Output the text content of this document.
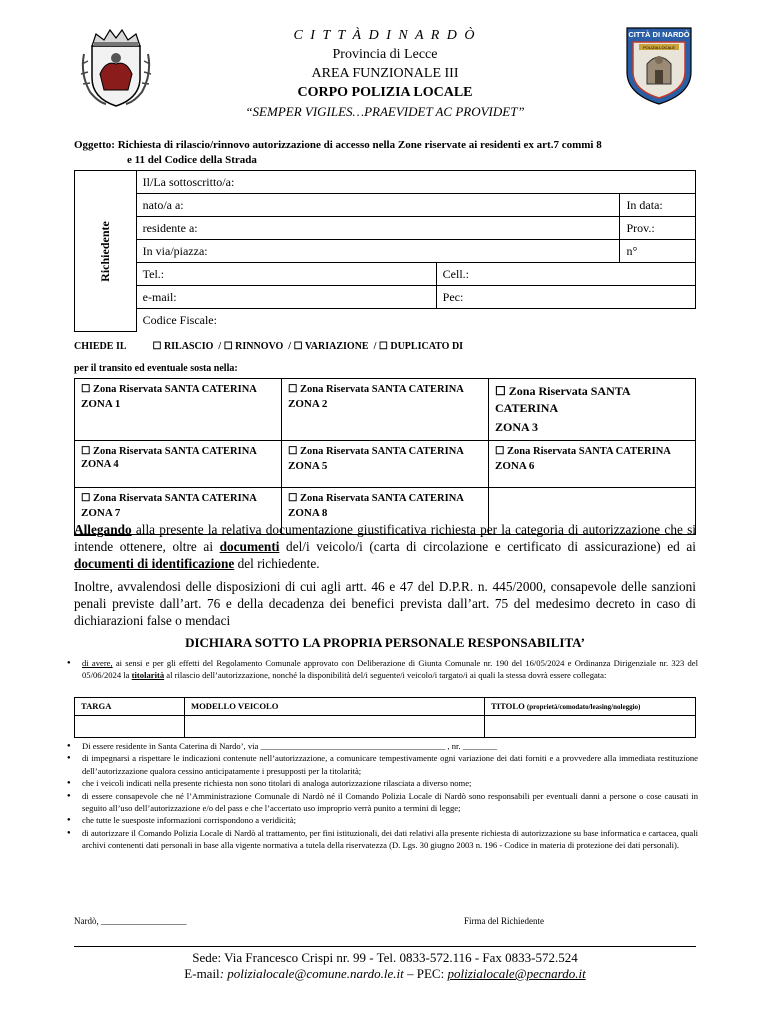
CITTÀ DI NARDÒ
POLIZIA LOCALE
C I T T À D I N A R D Ò
Provincia di Lecce
AREA FUNZIONALE III
CORPO POLIZIA LOCALE
“SEMPER VIGILES…PRAEVIDET AC PROVIDET”
Oggetto: Richiesta di rilascio/rinnovo autorizzazione di accesso nella Zone riservate ai residenti ex art.7 commi 8
e 11 del Codice della Strada
Richiedente	Il/La sottoscritto/a:		
	nato/a a:		In data:
	residente a:		Prov.:
	In via/piazza:		n°
	Tel.:	Cell.:	
	e-mail:	Pec:	
	Codice Fiscale:		
CHIEDE IL	☐ RILASCIO  / ☐ RINNOVO  / ☐ VARIAZIONE  / ☐ DUPLICATO DI
per il transito ed eventuale sosta nella:
☐ Zona Riservata SANTA CATERINA
ZONA 1	☐ Zona Riservata SANTA CATERINA
ZONA 2	☐ Zona Riservata SANTA CATERINA
ZONA 3

☐ Zona Riservata SANTA CATERINA ZONA 4	☐ Zona Riservata SANTA CATERINA
ZONA 5	☐ Zona Riservata SANTA CATERINA
ZONA 6

☐ Zona Riservata SANTA CATERINA
ZONA 7	☐ Zona Riservata SANTA CATERINA
ZONA 8	

Allegando alla presente la relativa documentazione giustificativa richiesta per la categoria di autorizzazione che si intende ottenere, oltre ai documenti del/i veicolo/i (carta di circolazione e certificato di assicurazione) ed ai documenti di identificazione del richiedente.
Inoltre, avvalendosi delle disposizioni di cui agli artt. 46 e 47 del D.P.R. n. 445/2000, consapevole delle sanzioni penali previste dall’art. 76 e della decadenza dei benefici prevista dall’art. 75 del medesimo decreto in caso di dichiarazioni false o mendaci
DICHIARA SOTTO LA PROPRIA PERSONALE RESPONSABILITA’
● di avere, ai sensi e per gli effetti del Regolamento Comunale approvato con Deliberazione di Giunta Comunale nr. 190 del 16/05/2024 e Ordinanza Dirigenziale nr. 323 del 05/06/2024 la titolarità al rilascio dell’autorizzazione, nonché la disponibilità del/i seguente/i veicolo/i targato/i ai quali la stessa dovrà essere collegata:
TARGA	MODELLO VEICOLO	TITOLO (proprietà/comodato/leasing/noleggio)

● Di essere residente in Santa Caterina di Nardo’, via ___________________________________________ , nr. ________
● di impegnarsi a rispettare le indicazioni contenute nell’autorizzazione, a comunicare tempestivamente ogni variazione dei dati forniti e a provvedere alla immediata restituzione dell’autorizzazione qualora cessino anticipatamente i presupposti per la titolarità;
● che i veicoli indicati nella presente richiesta non sono titolari di analoga autorizzazione rilasciata a diverso nome;
● di essere consapevole che né l’Amministrazione Comunale di Nardò né il Comando Polizia Locale di Nardò sono responsabili per eventuali danni a persone o cose causati in seguito all’uso dell’autorizzazione e/o del pass e che l’accertato uso improprio verrà punito a termini di legge;
● che tutte le suesposte informazioni corrispondono a veridicità;
● di autorizzare il Comando Polizia Locale di Nardò al trattamento, per fini istituzionali, dei dati relativi alla presente richiesta di autorizzazione su base informatica e cartacea, quali archivi contenenti dati personali in base alla vigente normativa a tutela della riservatezza (D. Lgs. 30 giugno 2003 n. 196 - Codice in materia di protezione dei dati personali).
Nardò, ___________________	Firma del Richiedente
Sede: Via Francesco Crispi nr. 99 - Tel. 0833-572.116 - Fax 0833-572.524
E-mail: polizialocale@comune.nardo.le.it – PEC: polizialocale@pecnardo.it
